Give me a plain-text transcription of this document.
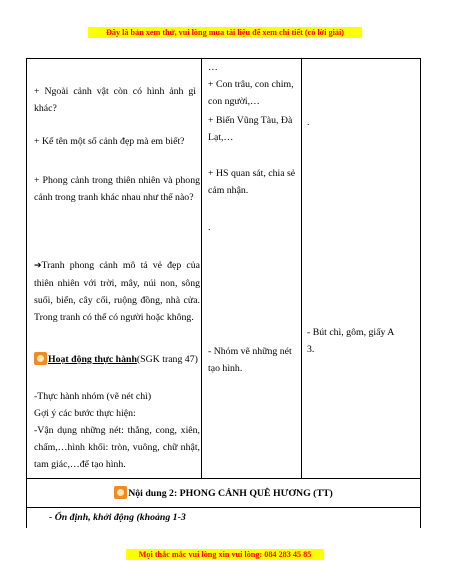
Đây là bản xem thử, vui lòng mua tài liệu để xem chi tiết (có lời giải)

+ Ngoài cảnh vật còn có hình ảnh gì khác?

+ Kể tên một số cảnh đẹp mà em biết?

+ Phong cảnh trong thiên nhiên và phong cảnh trong tranh khác nhau như thế nào?

➔Tranh phong cảnh mô tả vẻ đẹp của thiên nhiên với trời, mây, núi non, sông suối, biển, cây cối, ruộng đồng, nhà cửa. Trong tranh có thể có người hoặc không.

Hoạt động thực hành(SGK trang 47)

-Thực hành nhóm (vẽ nét chì)

Gợi ý các bước thực hiện:

-Vận dụng những nét: thẳng, cong, xiên, chấm,…hình khối: tròn, vuông, chữ nhật, tam giác,…để tạo hình.

…

+ Con trâu, con chim, con người,…

+ Biển Vũng Tàu, Đà Lạt,…

+ HS quan sát, chia sẻ cảm nhận.

.

- Nhóm vẽ những nét tạo hình.

.

- Bút chì, gôm, giấy A 3.

Nội dung 2: PHONG CẢNH QUÊ HƯƠNG (TT)
- Ổn định, khởi động (khoảng 1-3
Mọi thắc mắc vui lòng xin vui lòng: 084 283 45 85
